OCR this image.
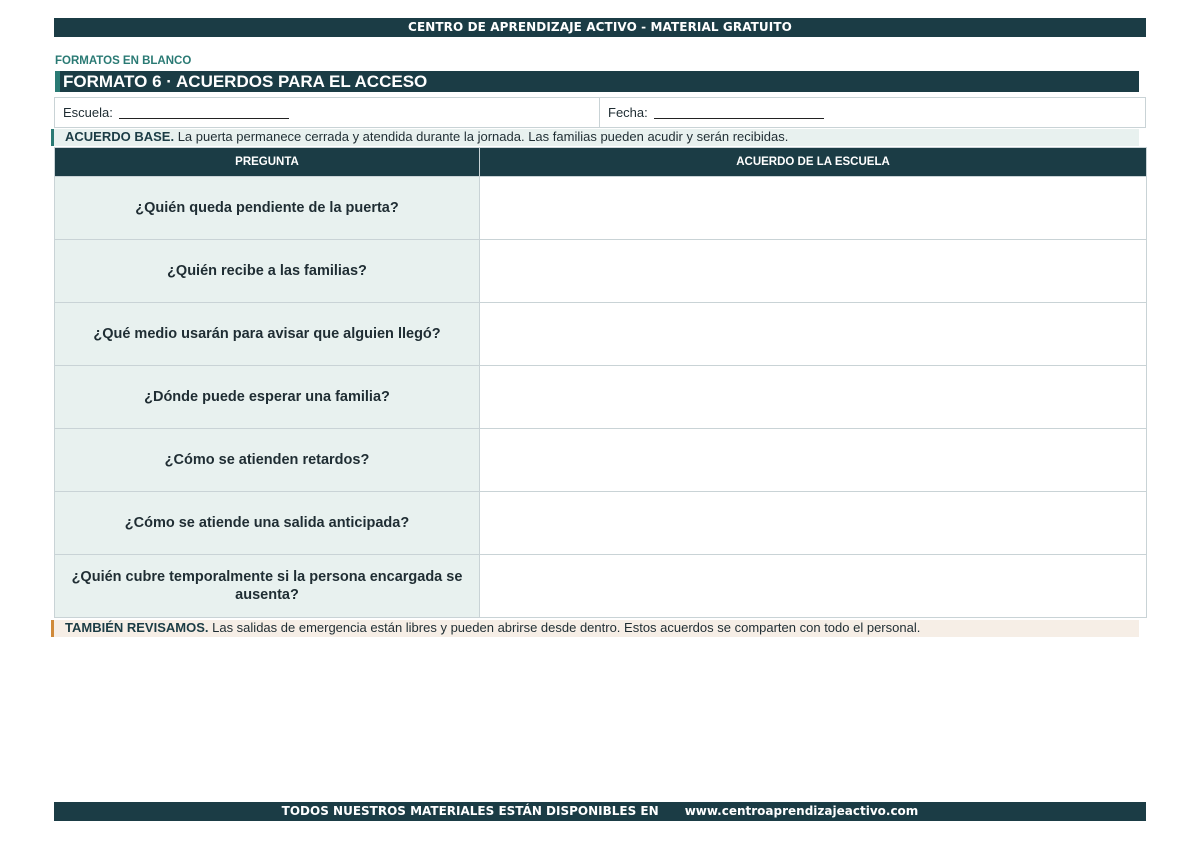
CENTRO DE APRENDIZAJE ACTIVO - MATERIAL GRATUITO
FORMATOS EN BLANCO
FORMATO 6 · ACUERDOS PARA EL ACCESO
Escuela:	Fecha:
ACUERDO BASE. La puerta permanece cerrada y atendida durante la jornada. Las familias pueden acudir y serán recibidas.
PREGUNTA	ACUERDO DE LA ESCUELA
¿Quién queda pendiente de la puerta?	
¿Quién recibe a las familias?	
¿Qué medio usarán para avisar que alguien llegó?	
¿Dónde puede esperar una familia?	
¿Cómo se atienden retardos?	
¿Cómo se atiende una salida anticipada?	
¿Quién cubre temporalmente si la persona encargada se ausenta?	
TAMBIÉN REVISAMOS. Las salidas de emergencia están libres y pueden abrirse desde dentro. Estos acuerdos se comparten con todo el personal.
TODOS NUESTROS MATERIALES ESTÁN DISPONIBLES EN www.centroaprendizajeactivo.com
